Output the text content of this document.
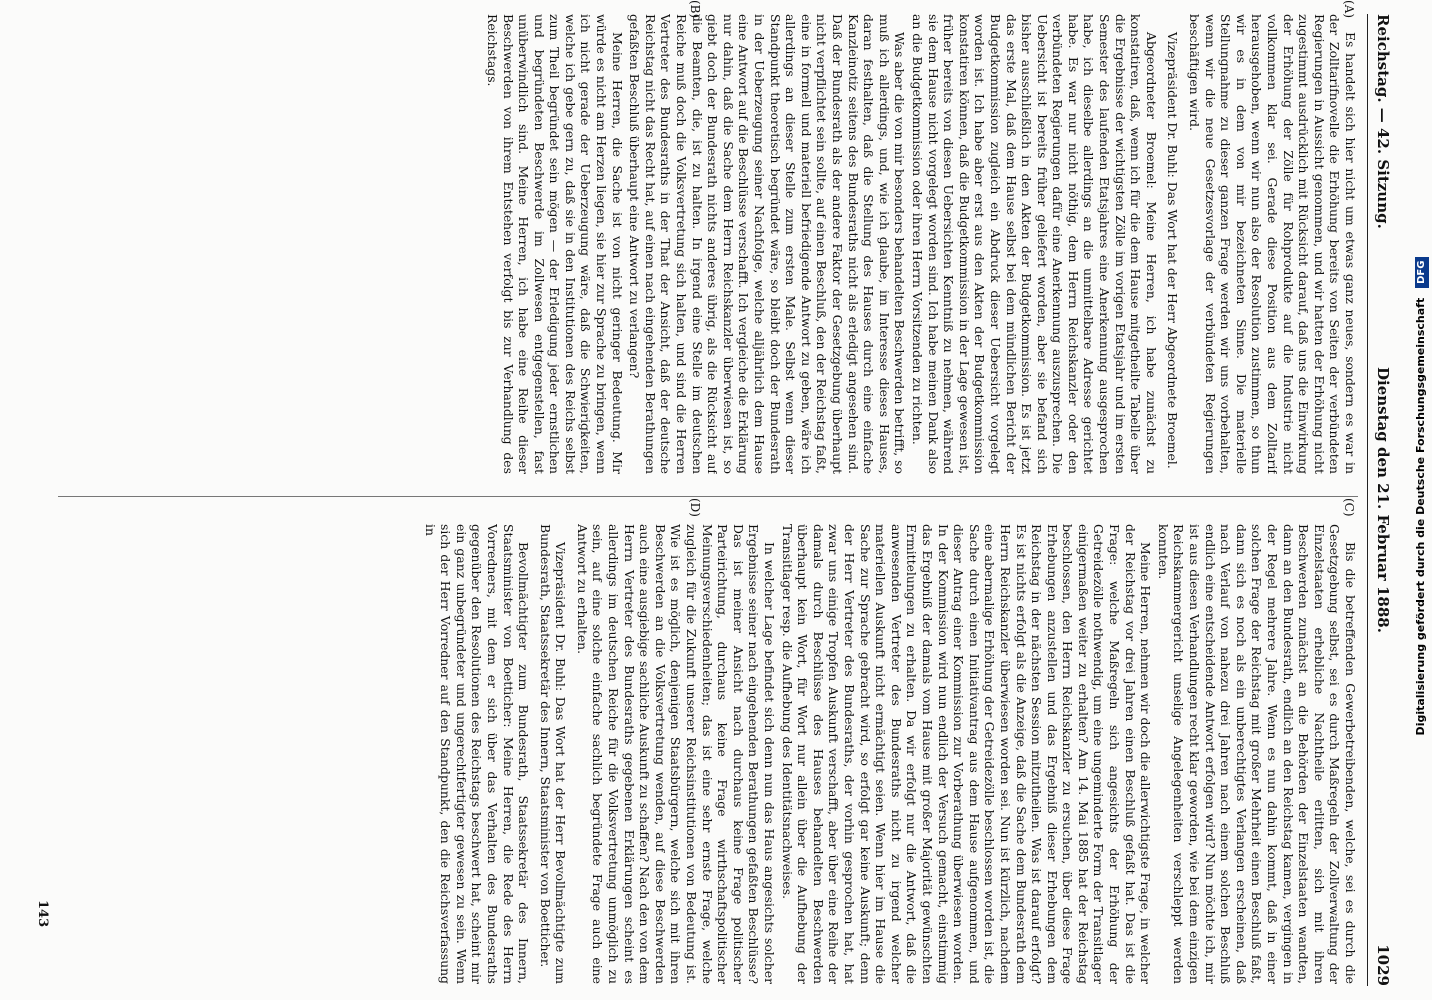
Reichstag. — 42. Sitzung.
Dienstag den 21. Februar 1888.
1029
(A)
(B)
(C)
(D)

Es handelt sich hier nicht um etwas ganz neues, sondern es war in der Zolltarifnovelle die Erhöhung bereits von Seiten der verbündeten Regierungen in Aussicht genommen, und wir hatten der Erhöhung nicht zugestimmt ausdrücklich mit Rücksicht darauf, daß uns die Einwirkung der Erhöhung der Zölle für Rohprodukte auf die Industrie nicht vollkommen klar sei. Gerade diese Position aus dem Zolltarif herausgehoben, wenn wir nun also der Resolution zustimmen, so thun wir es in dem von mir bezeichneten Sinne. Die materielle Stellungnahme zu dieser ganzen Frage werden wir uns vorbehalten, wenn wir die neue Gesetzesvorlage der verbündeten Regierungen beschäftigen wird.

Vizepräsident Dr. Buhl: Das Wort hat der Herr Abgeordnete Broemel.

Abgeordneter Broemel: Meine Herren, ich habe zunächst zu konstatiren, daß, wenn ich für die dem Hause mitgetheilte Tabelle über die Ergebnisse der wichtigsten Zölle im vorigen Etatsjahr und im ersten Semester des laufenden Etatsjahres eine Anerkennung ausgesprochen habe, ich dieselbe allerdings an die unmittelbare Adresse gerichtet habe. Es war nur nicht nöthig, dem Herrn Reichskanzler oder den verbündeten Regierungen dafür eine Anerkennung auszusprechen. Die Uebersicht ist bereits früher geliefert worden, aber sie befand sich bisher ausschließlich in den Akten der Budgetkommission. Es ist jetzt das erste Mal, daß dem Hause selbst bei dem mündlichen Bericht der Budgetkommission zugleich ein Abdruck dieser Uebersicht vorgelegt worden ist. Ich habe aber erst aus den Akten der Budgetkommission konstatiren können, daß die Budgetkommission in der Lage gewesen ist, früher bereits von diesen Uebersichten Kenntniß zu nehmen, während sie dem Hause nicht vorgelegt worden sind. Ich habe meinen Dank also an die Budgetkommission oder ihren Herrn Vorsitzenden zu richten.

Was aber die von mir besonders behandelten Beschwerden betrifft, so muß ich allerdings, und, wie ich glaube, im Interesse dieses Hauses, daran festhalten, daß die Stellung des Hauses durch eine einfache Kanzleinotiz seitens des Bundesraths nicht als erledigt angesehen sind. Daß der Bundesrath als der andere Faktor der Gesetzgebung überhaupt nicht verpflichtet sein sollte, auf einen Beschluß, den der Reichstag faßt, eine in formell und materiell befriedigende Antwort zu geben, wäre ich allerdings an dieser Stelle zum ersten Male. Selbst wenn dieser Standpunkt theoretisch begründet wäre, so bleibt doch der Bundesrath in der Ueberzeugung seiner Nachfolge, welche alljährlich dem Hause eine Antwort auf die Beschlüsse verschafft. Ich vergleiche die Erklärung nur dahin, daß die Sache dem Herrn Reichskanzler überwiesen ist, so giebt doch der Bundesrath nichts anderes übrig, als die Rücksicht auf die Beamten, die, ist zu halten. In irgend eine Stelle im deutschen Reiche muß doch die Volksvertretung sich halten, und sind die Herren Vertreter des Bundesraths in der That der Ansicht, daß der deutsche Reichstag nicht das Recht hat, auf einen nach eingehenden Berathungen gefaßten Beschluß überhaupt eine Antwort zu verlangen?

Meine Herren, die Sache ist von nicht geringer Bedeutung. Mir würde es nicht am Herzen liegen, sie hier zur Sprache zu bringen, wenn ich nicht gerade der Ueberzeugung wäre, daß die Schwierigkeiten, welche ich gebe gern zu, daß sie in den Institutionen des Reichs selbst zum Theil begründet sein mögen — der Erledigung jeder ernstlichen und begründeten Beschwerde im Zollwesen entgegenstellen, fast unüberwindlich sind. Meine Herren, ich habe eine Reihe dieser Beschwerden von ihrem Entstehen verfolgt bis zur Verhandlung des Reichstags.

Bis die betreffenden Gewerbetreibenden, welche, sei es durch die Gesetzgebung selbst, sei es durch Maßregeln der Zollverwaltung der Einzelstaaten erhebliche Nachtheile erlitten, sich mit ihren Beschwerden zunächst an die Behörden der Einzelstaaten wandten, dann an den Bundesrath, endlich an den Reichstag kamen, vergingen in der Regel mehrere Jahre. Wenn es nun dahin kommt, daß in einer solchen Frage der Reichstag mit großer Mehrheit einen Beschluß faßt, dann sich es noch als ein unberechtigtes Verlangen erscheinen, daß nach Verlauf von nahezu drei Jahren nach einem solchen Beschluß endlich eine entscheidende Antwort erfolgen wird? Nun möchte ich, mir ist aus diesen Verhandlungen recht klar geworden, wie bei dem einzigen Reichskammergericht unselige Angelegenheiten verschleppt werden konnten.

Meine Herren, nehmen wir doch die allerwichtigste Frage, in welcher der Reichstag vor drei Jahren einen Beschluß gefaßt hat. Das ist die Frage: welche Maßregeln sich angesichts der Erhöhung der Getreidezölle nothwendig, um eine ungeminderte Form der Transitlager einigermaßen weiter zu erhalten? Am 14. Mai 1885 hat der Reichstag beschlossen, den Herrn Reichskanzler zu ersuchen, über diese Frage Erhebungen anzustellen und das Ergebniß dieser Erhebungen dem Reichstag in der nächsten Session mitzutheilen. Was ist darauf erfolgt? Es ist nichts erfolgt als die Anzeige, daß die Sache dem Bundesrath dem Herrn Reichskanzler überwiesen worden sei. Nun ist kürzlich, nachdem eine abermalige Erhöhung der Getreidezölle beschlossen worden ist, die Sache durch einen Initiativantrag aus dem Hause aufgenommen, und dieser Antrag einer Kommission zur Vorberathung überwiesen worden. In der Kommission wird nun endlich der Versuch gemacht, einstimmig das Ergebniß der damals vom Hause mit großer Majorität gewünschten Ermittelungen zu erhalten. Da wir erfolgt nur die Antwort, daß die anwesenden Vertreter des Bundesraths nicht zu irgend welcher materiellen Auskunft nicht ermächtigt seien. Wenn hier im Hause die Sache zur Sprache gebracht wird, so erfolgt gar keine Auskunft; denn der Herr Vertreter des Bundesraths, der vorhin gesprochen hat, hat zwar uns einige Tropfen Auskunft verschafft, aber über eine Reihe der damals durch Beschlüsse des Hauses behandelten Beschwerden überhaupt kein Wort, für Wort nur allein über die Aufhebung der Transitlager resp. die Aufhebung des Identitätsnachweises.

In welcher Lage befindet sich denn nun das Haus angesichts solcher Ergebnisse seiner nach eingehenden Berathungen gefaßten Beschlüsse? Das ist meiner Ansicht nach durchaus keine Frage politischer Parteirichtung, durchaus keine Frage wirthschaftspolitischer Meinungsverschiedenheiten; das ist eine sehr ernste Frage, welche zugleich für die Zukunft unserer Reichsinstitutionen von Bedeutung ist. Wie ist es möglich, denjenigen Staatsbürgern, welche sich mit ihren Beschwerden an die Volksvertretung wenden, auf diese Beschwerden auch eine ausgiebige sachliche Auskunft zu schaffen? Nach den von dem Herrn Vertreter des Bundesraths gegebenen Erklärungen scheint es allerdings im deutschen Reiche für die Volksvertretung unmöglich zu sein, auf eine solche einfache sachlich begründete Frage auch eine Antwort zu erhalten.

Vizepräsident Dr. Buhl: Das Wort hat der Herr Bevollmächtigte zum Bundesrath, Staatssekretär des Innern, Staatsminister von Boetticher.

Bevollmächtigter zum Bundesrath, Staatssekretär des Innern, Staatsminister von Boetticher: Meine Herren, die Rede des Herrn Vorredners, mit dem er sich über das Verhalten des Bundesraths gegenüber den Resolutionen des Reichstags beschwert hat, scheint mir ein ganz unbegründeter und ungerechtfertigter gewesen zu sein. Wenn sich der Herr Vorredner auf den Standpunkt, den die Reichsverfassung in

143
Digitalisierung gefördert durch die Deutsche Forschungsgemeinschaft DFG
